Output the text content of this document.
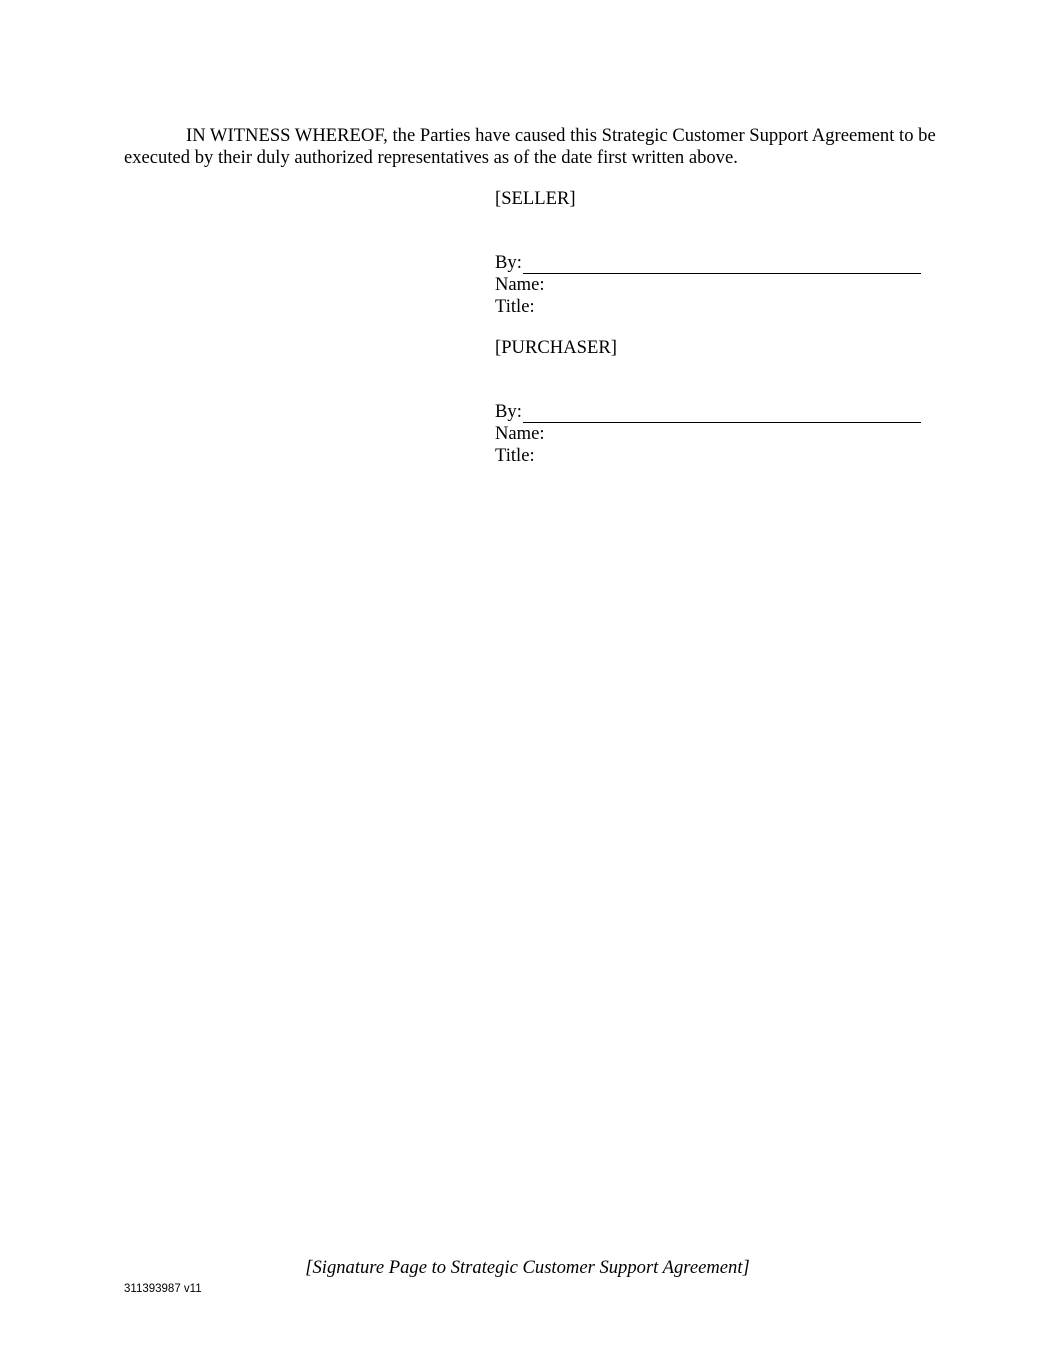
IN WITNESS WHEREOF, the Parties have caused this Strategic Customer Support Agreement to be executed by their duly authorized representatives as of the date first written above.
[SELLER]
By:
Name:
Title:
[PURCHASER]
By:
Name:
Title:
[Signature Page to Strategic Customer Support Agreement]
311393987 v11
